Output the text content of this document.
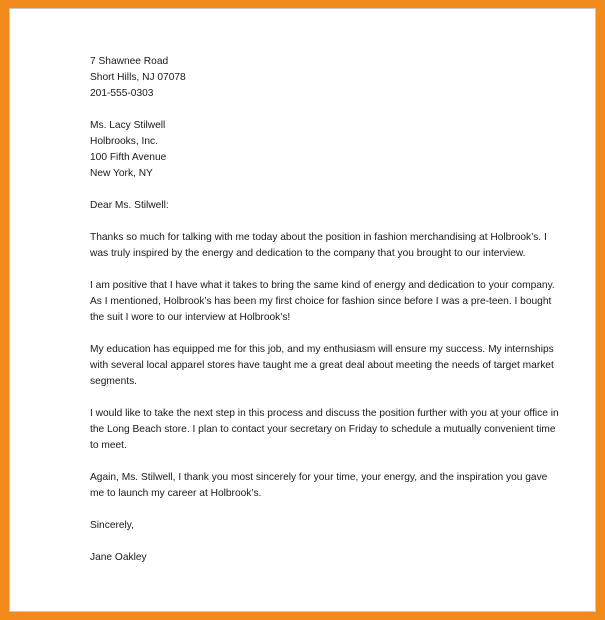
7 Shawnee Road
Short Hills, NJ 07078
201-555-0303
Ms. Lacy Stilwell
Holbrooks, Inc.
100 Fifth Avenue
New York, NY
Dear Ms. Stilwell:
Thanks so much for talking with me today about the position in fashion merchandising at Holbrook’s. I
was truly inspired by the energy and dedication to the company that you brought to our interview.
I am positive that I have what it takes to bring the same kind of energy and dedication to your company.
As I mentioned, Holbrook’s has been my first choice for fashion since before I was a pre-teen. I bought
the suit I wore to our interview at Holbrook’s!
My education has equipped me for this job, and my enthusiasm will ensure my success. My internships
with several local apparel stores have taught me a great deal about meeting the needs of target market
segments.
I would like to take the next step in this process and discuss the position further with you at your office in
the Long Beach store. I plan to contact your secretary on Friday to schedule a mutually convenient time
to meet.
Again, Ms. Stilwell, I thank you most sincerely for your time, your energy, and the inspiration you gave
me to launch my career at Holbrook’s.
Sincerely,
Jane Oakley
